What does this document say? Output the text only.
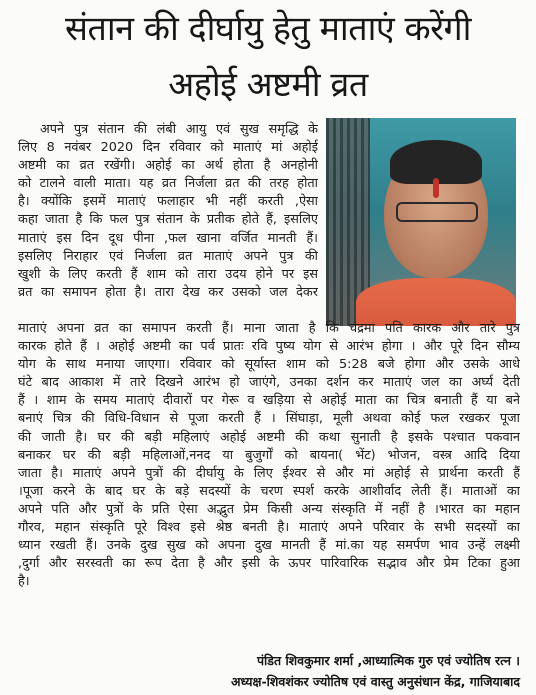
संतान की दीर्घायु हेतु माताएं करेंगी
अहोई अष्टमी व्रत
अपने पुत्र संतान की लंबी आयु एवं सुख समृद्धि के
लिए 8 नवंबर 2020 दिन रविवार को माताएं मां अहोई
अष्टमी का व्रत रखेंगी। अहोई का अर्थ होता है अनहोनी
को टालने वाली माता। यह व्रत निर्जला व्रत की तरह होता
है। क्योंकि इसमें माताएं फलाहार भी नहीं करती ,ऐसा
कहा जाता है कि फल पुत्र संतान के प्रतीक होते हैं, इसलिए
माताएं इस दिन दूध पीना ,फल खाना वर्जित मानती हैं।
इसलिए निराहार एवं निर्जला व्रत माताएं अपने पुत्र की
खुशी के लिए करती हैं शाम को तारा उदय होने पर इस
व्रत का समापन होता है। तारा देख कर उसको जल देकर
माताएं अपना व्रत का समापन करती हैं। माना जाता है कि चंद्रमा पति कारक और तारे पुत्र
कारक होते हैं । अहोई अष्टमी का पर्व प्रातः रवि पुष्य योग से आरंभ होगा । और पूरे दिन सौम्य
योग के साथ मनाया जाएगा। रविवार को सूर्यास्त शाम को 5:28 बजे होगा और उसके आधे
घंटे बाद आकाश में तारे दिखने आरंभ हो जाएंगे, उनका दर्शन कर माताएं जल का अर्घ्य देती
हैं । शाम के समय माताएं दीवारों पर गेरू व खड़िया से अहोई माता का चित्र बनाती हैं या बने
बनाएं चित्र की विधि-विधान से पूजा करती हैं । सिंघाड़ा, मूली अथवा कोई फल रखकर पूजा
की जाती है। घर की बड़ी महिलाएं अहोई अष्टमी की कथा सुनाती है इसके पश्चात पकवान
बनाकर घर की बड़ी महिलाओं,ननद या बुजुर्गों को बायना( भेंट) भोजन, वस्त्र आदि दिया
जाता है। माताएं अपने पुत्रों की दीर्घायु के लिए ईश्वर से और मां अहोई से प्रार्थना करती हैं
।पूजा करने के बाद घर के बड़े सदस्यों के चरण स्पर्श करके आशीर्वाद लेती हैं। माताओं का
अपने पति और पुत्रों के प्रति ऐसा अद्भुत प्रेम किसी अन्य संस्कृति में नहीं है ।भारत का महान
गौरव, महान संस्कृति पूरे विश्व इसे श्रेष्ठ बनती है। माताएं अपने परिवार के सभी सदस्यों का
ध्यान रखती हैं। उनके दुख सुख को अपना दुख मानती हैं मां.का यह समर्पण भाव उन्हें लक्ष्मी
,दुर्गा और सरस्वती का रूप देता है और इसी के ऊपर पारिवारिक सद्भाव और प्रेम टिका हुआ
है।
पंडित शिवकुमार शर्मा ,आध्यात्मिक गुरु एवं ज्योतिष रत्न ।
अध्यक्ष-शिवशंकर ज्योतिष एवं वास्तु अनुसंधान केंद्र, गाजियाबाद
